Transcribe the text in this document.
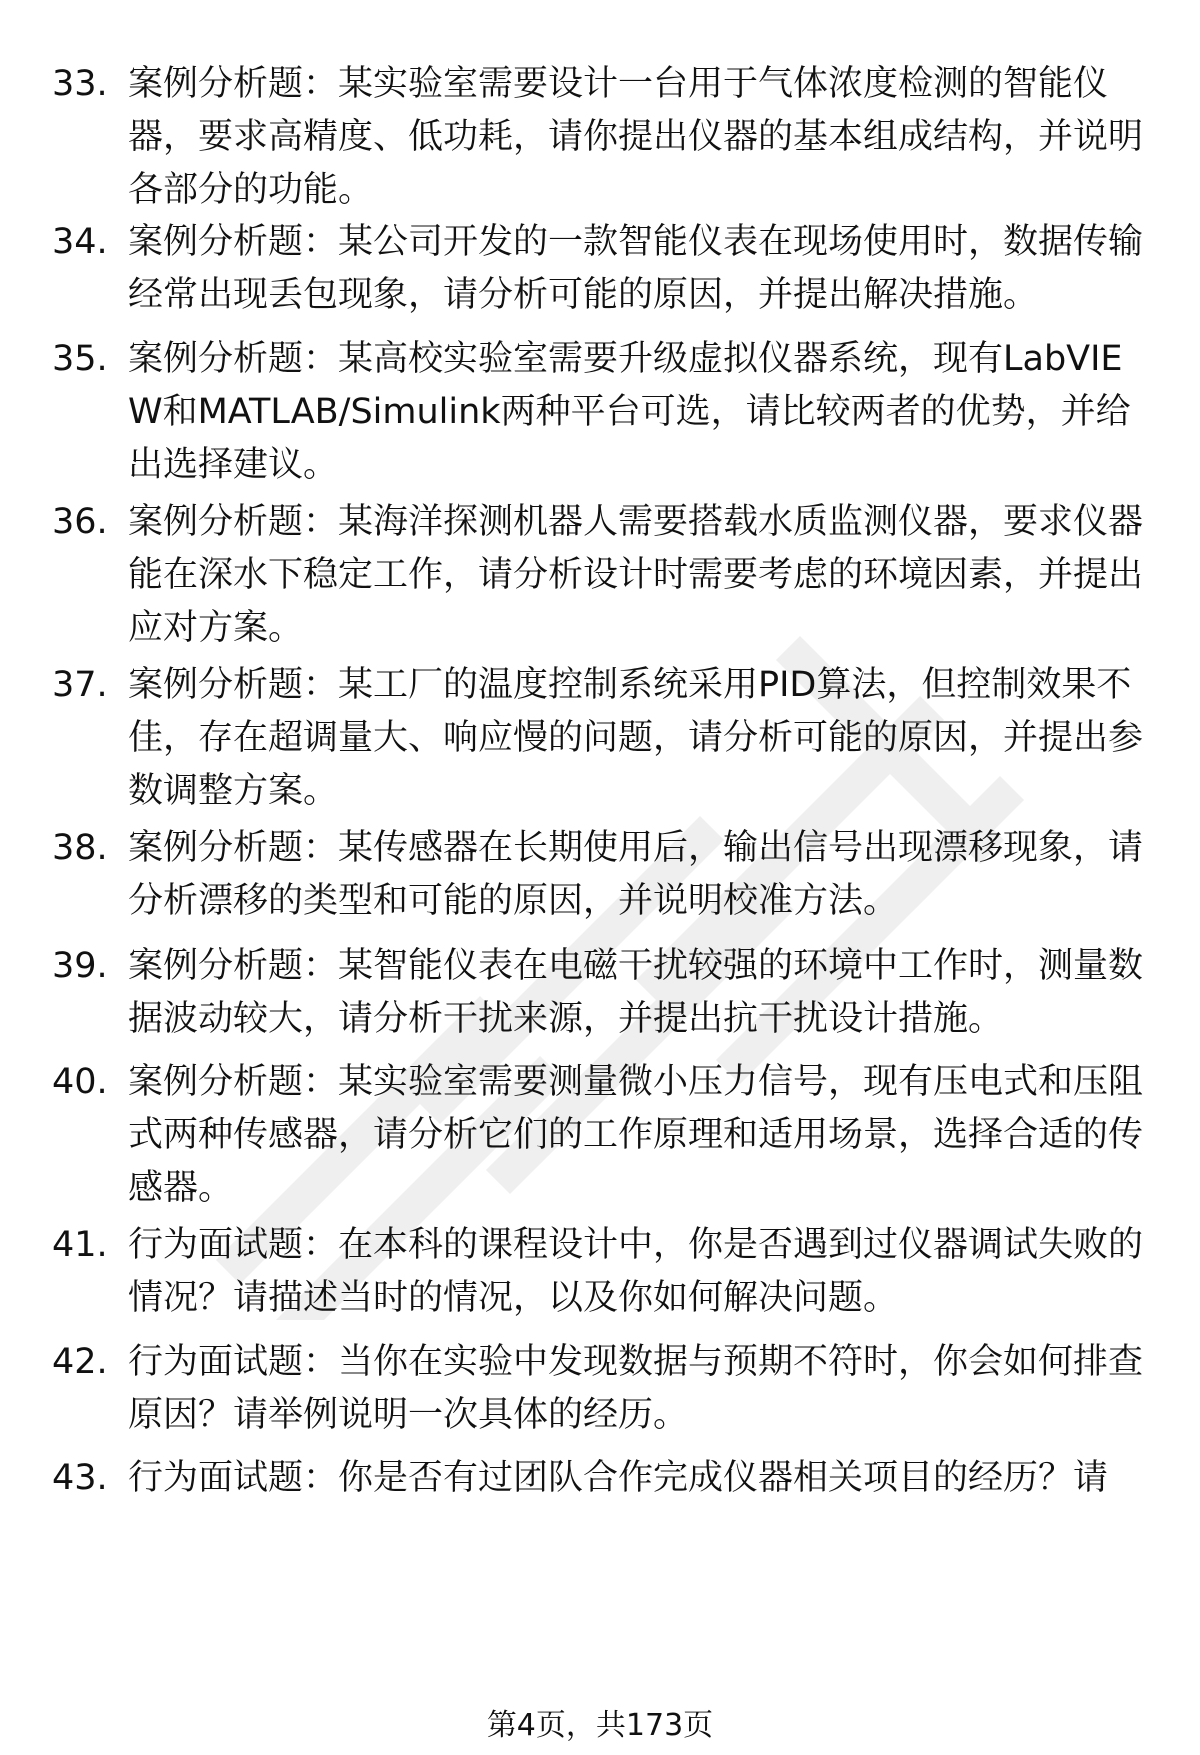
33. 案例分析题：某实验室需要设计一台用于气体浓度检测的智能仪器，要求高精度、低功耗，请你提出仪器的基本组成结构，并说明各部分的功能。
34. 案例分析题：某公司开发的一款智能仪表在现场使用时，数据传输经常出现丢包现象，请分析可能的原因，并提出解决措施。
35. 案例分析题：某高校实验室需要升级虚拟仪器系统，现有LabVIEW和MATLAB/Simulink两种平台可选，请比较两者的优势，并给出选择建议。
36. 案例分析题：某海洋探测机器人需要搭载水质监测仪器，要求仪器能在深水下稳定工作，请分析设计时需要考虑的环境因素，并提出应对方案。
37. 案例分析题：某工厂的温度控制系统采用PID算法，但控制效果不佳，存在超调量大、响应慢的问题，请分析可能的原因，并提出参数调整方案。
38. 案例分析题：某传感器在长期使用后，输出信号出现漂移现象，请分析漂移的类型和可能的原因，并说明校准方法。
39. 案例分析题：某智能仪表在电磁干扰较强的环境中工作时，测量数据波动较大，请分析干扰来源，并提出抗干扰设计措施。
40. 案例分析题：某实验室需要测量微小压力信号，现有压电式和压阻式两种传感器，请分析它们的工作原理和适用场景，选择合适的传感器。
41. 行为面试题：在本科的课程设计中，你是否遇到过仪器调试失败的情况？请描述当时的情况，以及你如何解决问题。
42. 行为面试题：当你在实验中发现数据与预期不符时，你会如何排查原因？请举例说明一次具体的经历。
43. 行为面试题：你是否有过团队合作完成仪器相关项目的经历？请
第4页，共173页
